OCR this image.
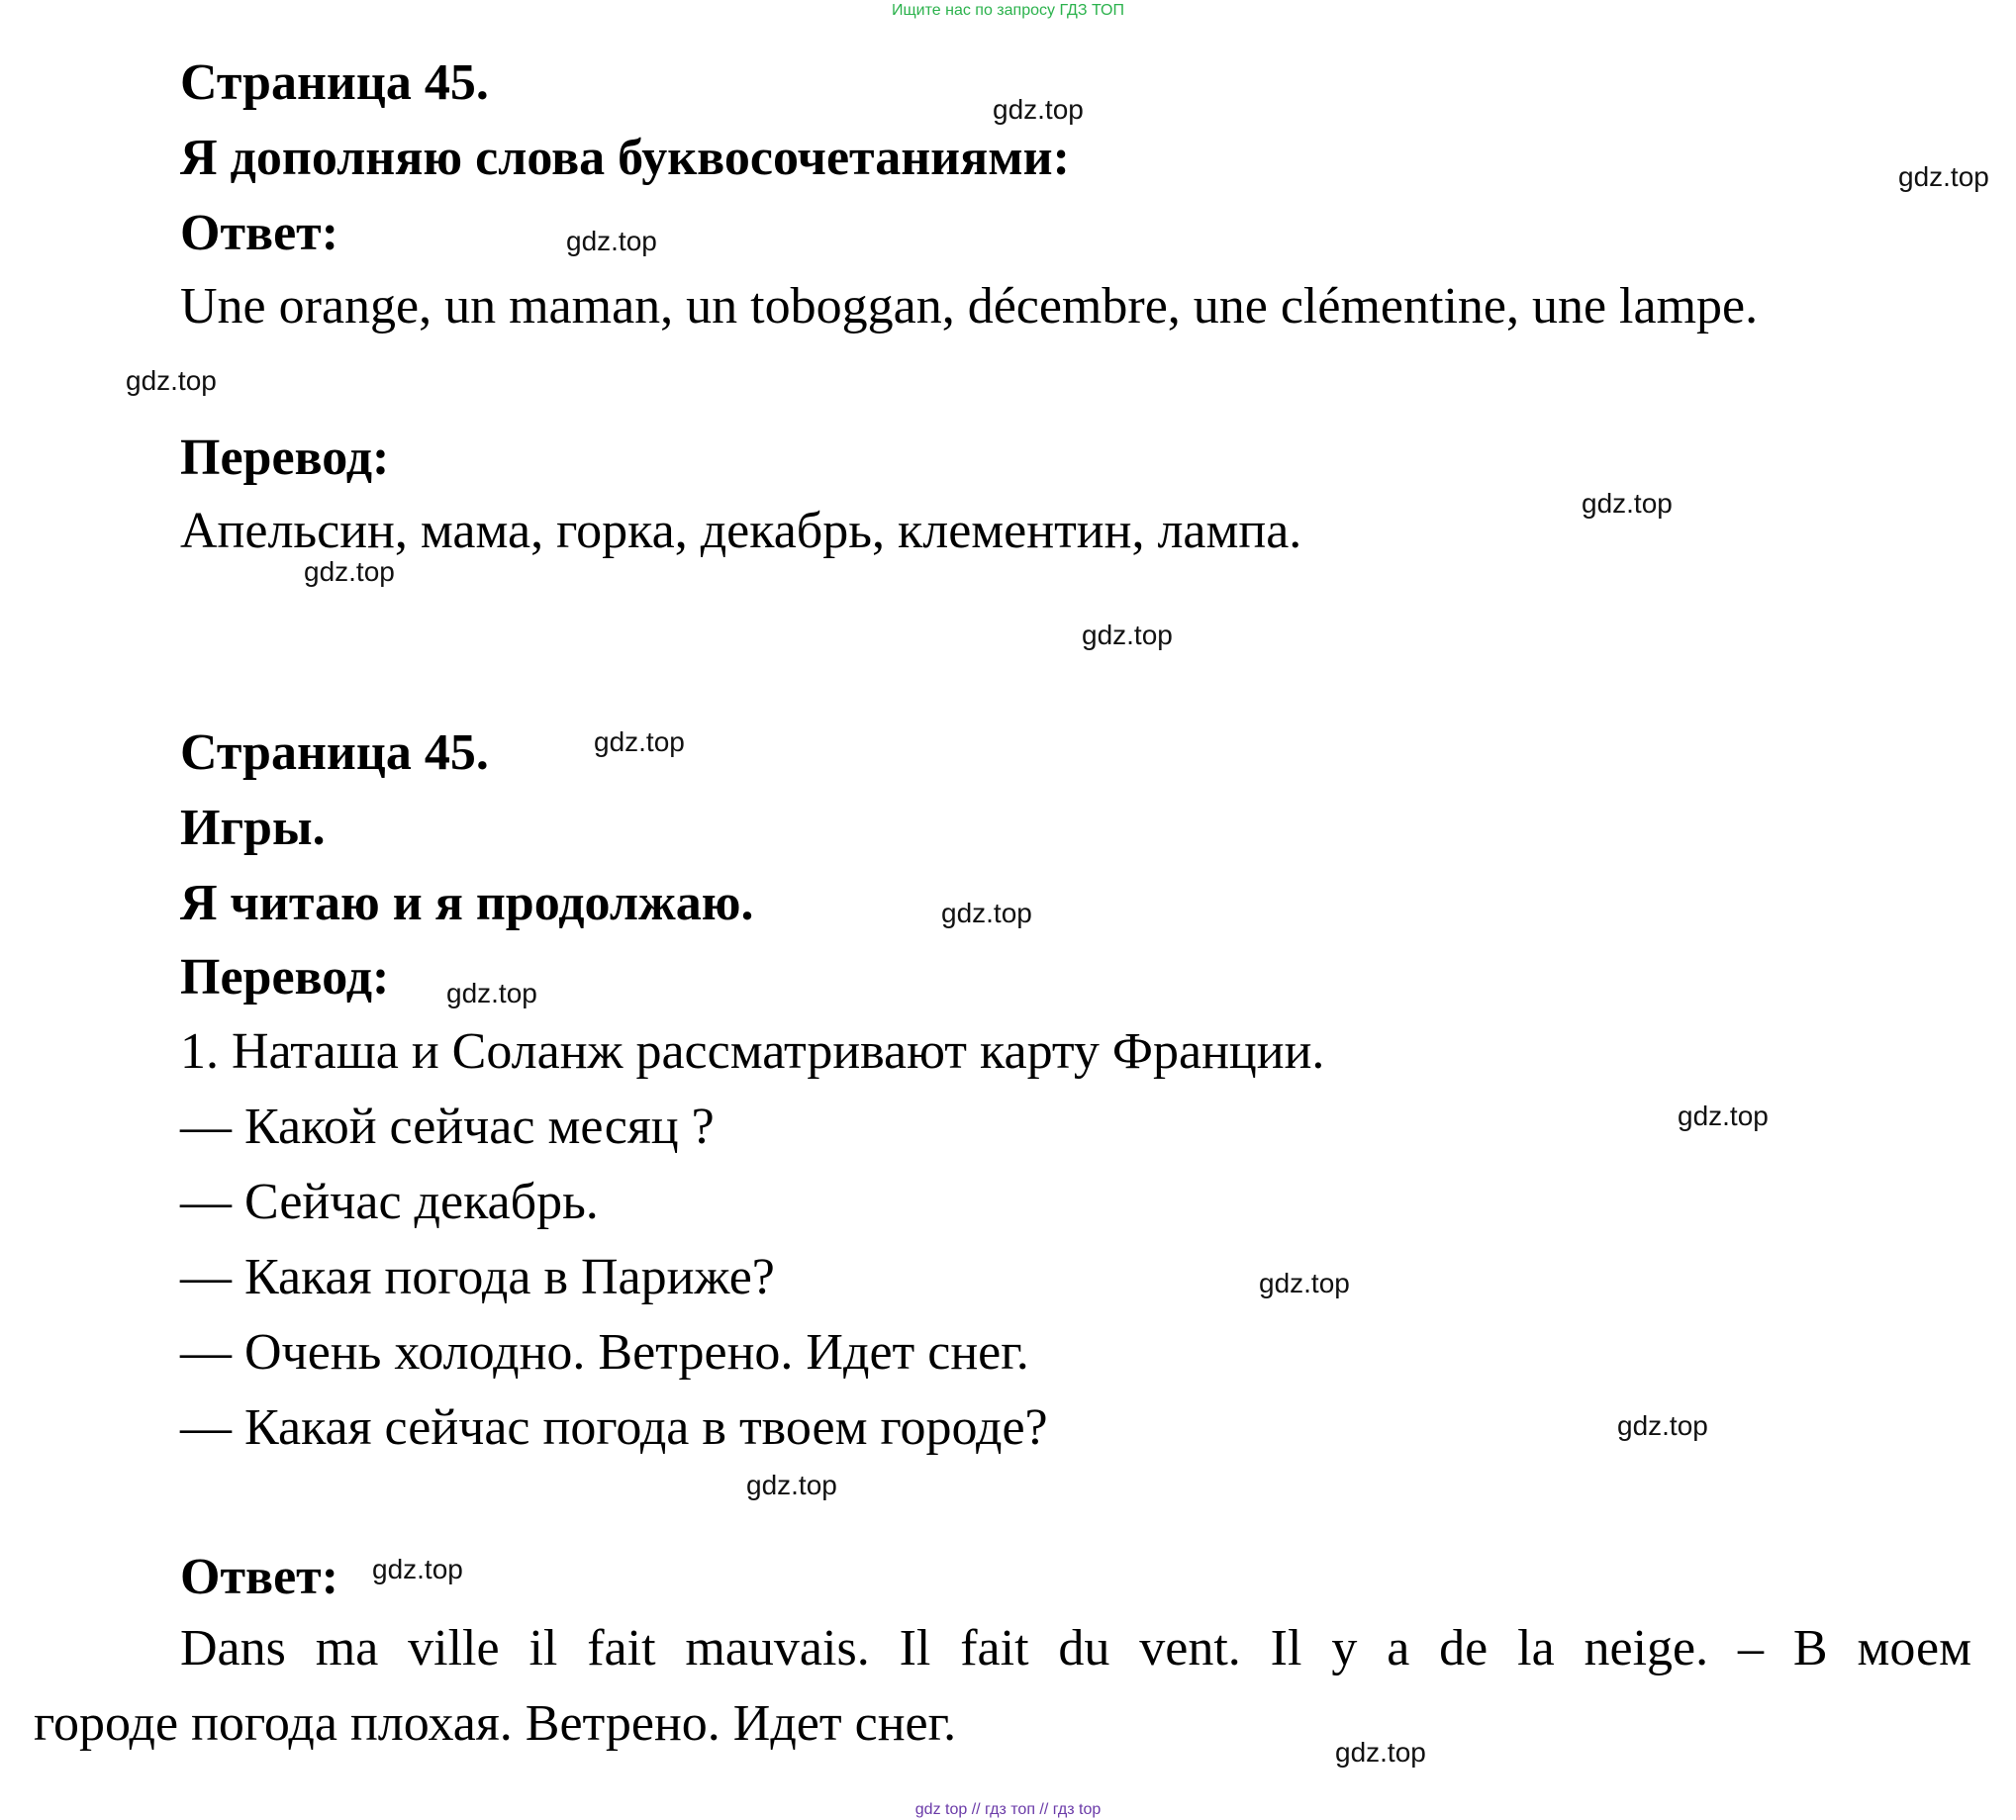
Ищите нас по запросу ГДЗ ТОП
Страница 45.
Я дополняю слова буквосочетаниями:
Ответ:
Une orange, un maman, un toboggan, décembre, une clémentine, une lampe.
Перевод:
Апельсин, мама, горка, декабрь, клементин, лампа.
Страница 45.
Игры.
Я читаю и я продолжаю.
Перевод:
1. Наташа и Соланж рассматривают карту Франции.
— Какой сейчас месяц ?
— Сейчас декабрь.
— Какая погода в Париже?
— Очень холодно. Ветрено. Идет снег.
— Какая сейчас погода в твоем городе?
Ответ:
Dans ma ville il fait mauvais. Il fait du vent. Il y a de la neige. – В моем
городе погода плохая. Ветрено. Идет снег.
gdz.top
gdz.top
gdz.top
gdz.top
gdz.top
gdz.top
gdz.top
gdz.top
gdz.top
gdz.top
gdz.top
gdz.top
gdz.top
gdz.top
gdz.top
gdz.top
gdz top // гдз топ // гдз top
